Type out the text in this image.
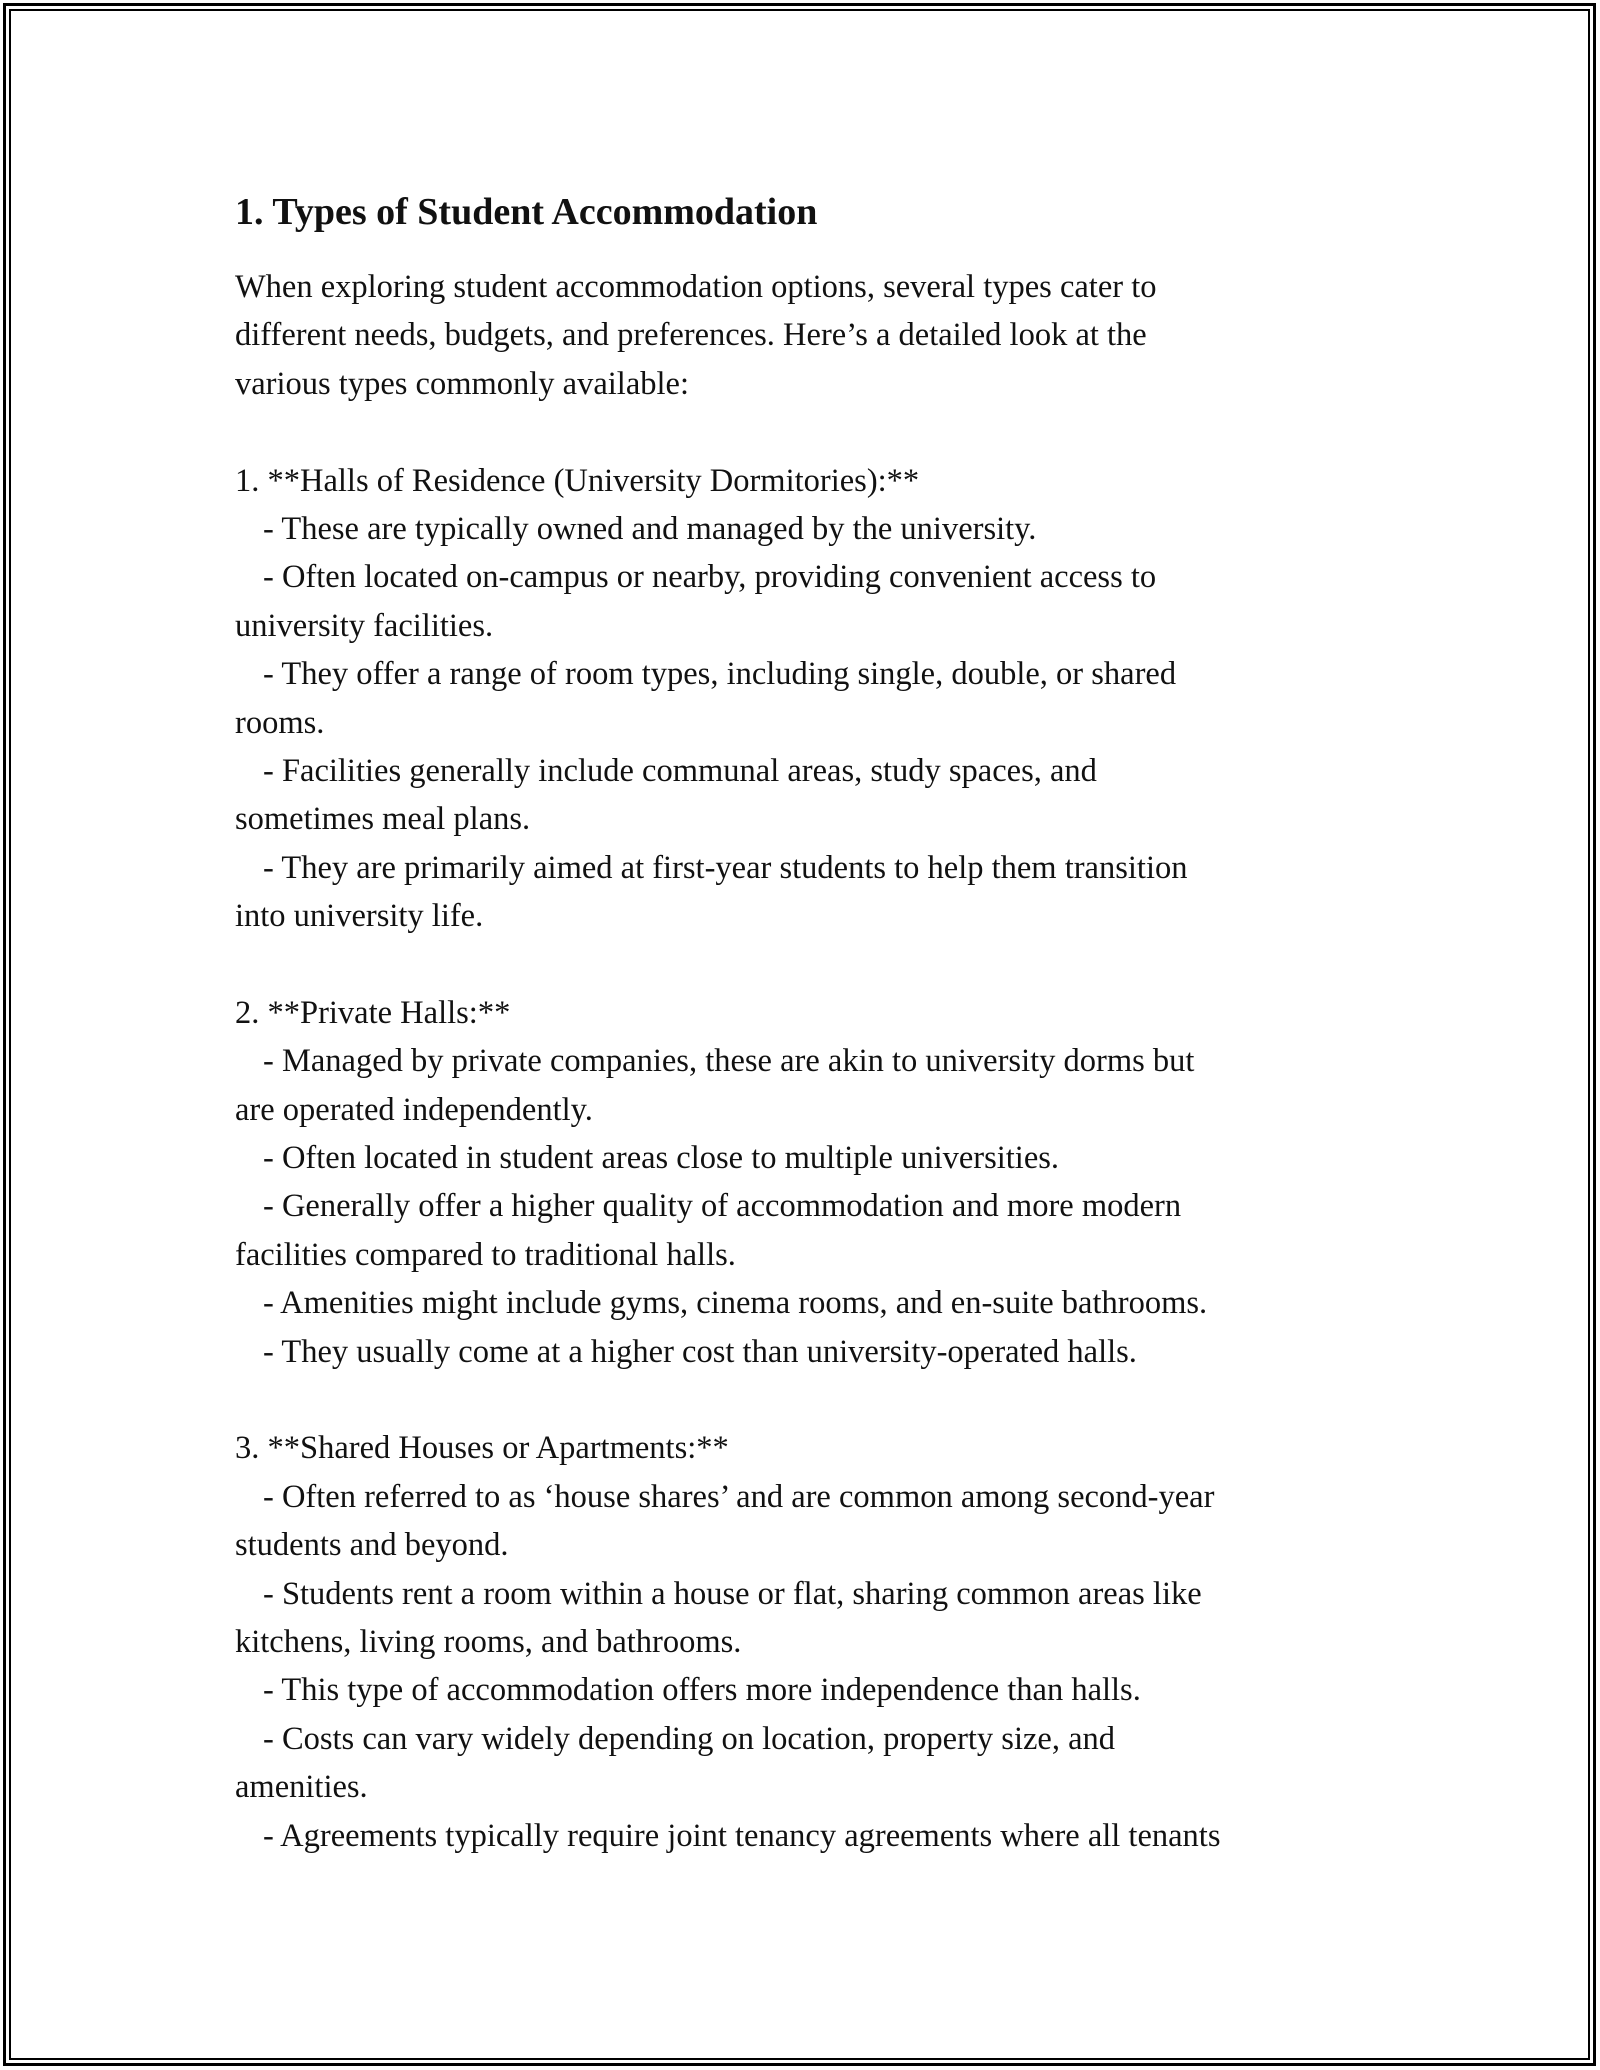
1. Types of Student Accommodation
When exploring student accommodation options, several types cater to
different needs, budgets, and preferences. Here’s a detailed look at the
various types commonly available:
1. **Halls of Residence (University Dormitories):**
- These are typically owned and managed by the university.
- Often located on-campus or nearby, providing convenient access to
university facilities.
- They offer a range of room types, including single, double, or shared
rooms.
- Facilities generally include communal areas, study spaces, and
sometimes meal plans.
- They are primarily aimed at first-year students to help them transition
into university life.
2. **Private Halls:**
- Managed by private companies, these are akin to university dorms but
are operated independently.
- Often located in student areas close to multiple universities.
- Generally offer a higher quality of accommodation and more modern
facilities compared to traditional halls.
- Amenities might include gyms, cinema rooms, and en-suite bathrooms.
- They usually come at a higher cost than university-operated halls.
3. **Shared Houses or Apartments:**
- Often referred to as ‘house shares’ and are common among second-year
students and beyond.
- Students rent a room within a house or flat, sharing common areas like
kitchens, living rooms, and bathrooms.
- This type of accommodation offers more independence than halls.
- Costs can vary widely depending on location, property size, and
amenities.
- Agreements typically require joint tenancy agreements where all tenants
